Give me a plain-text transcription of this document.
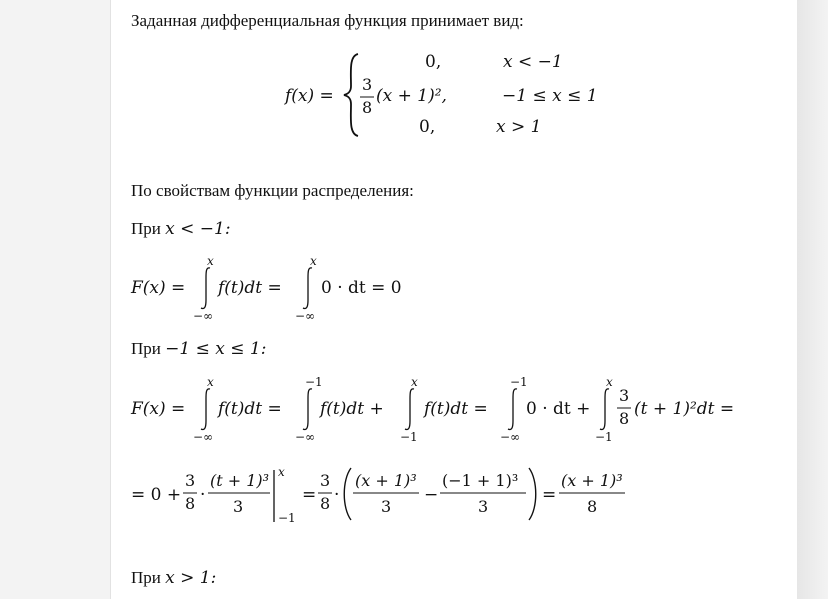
Заданная дифференциальная функция принимает вид:
f(x) =
0,	x < −1
3
8
(x + 1)²,	−1 ≤ x ≤ 1
0,	x > 1
По свойствам функции распределения:
При x < −1:
F(x) =
x
−∞
f(t)dt =
x
−∞
0 · dt = 0
При −1 ≤ x ≤ 1:
F(x) =
x
−∞
f(t)dt =
−1
−∞
f(t)dt +
x
−1
f(t)dt =
−1
−∞
0 · dt +
x
−1
3
8 (t + 1)²dt =
= 0 +
3
8 ·
(t + 1)³
3
x
−1
=
3
8 ·
(x + 1)³
3
−
(−1 + 1)³
3
=
(x + 1)³
8
При x > 1:
